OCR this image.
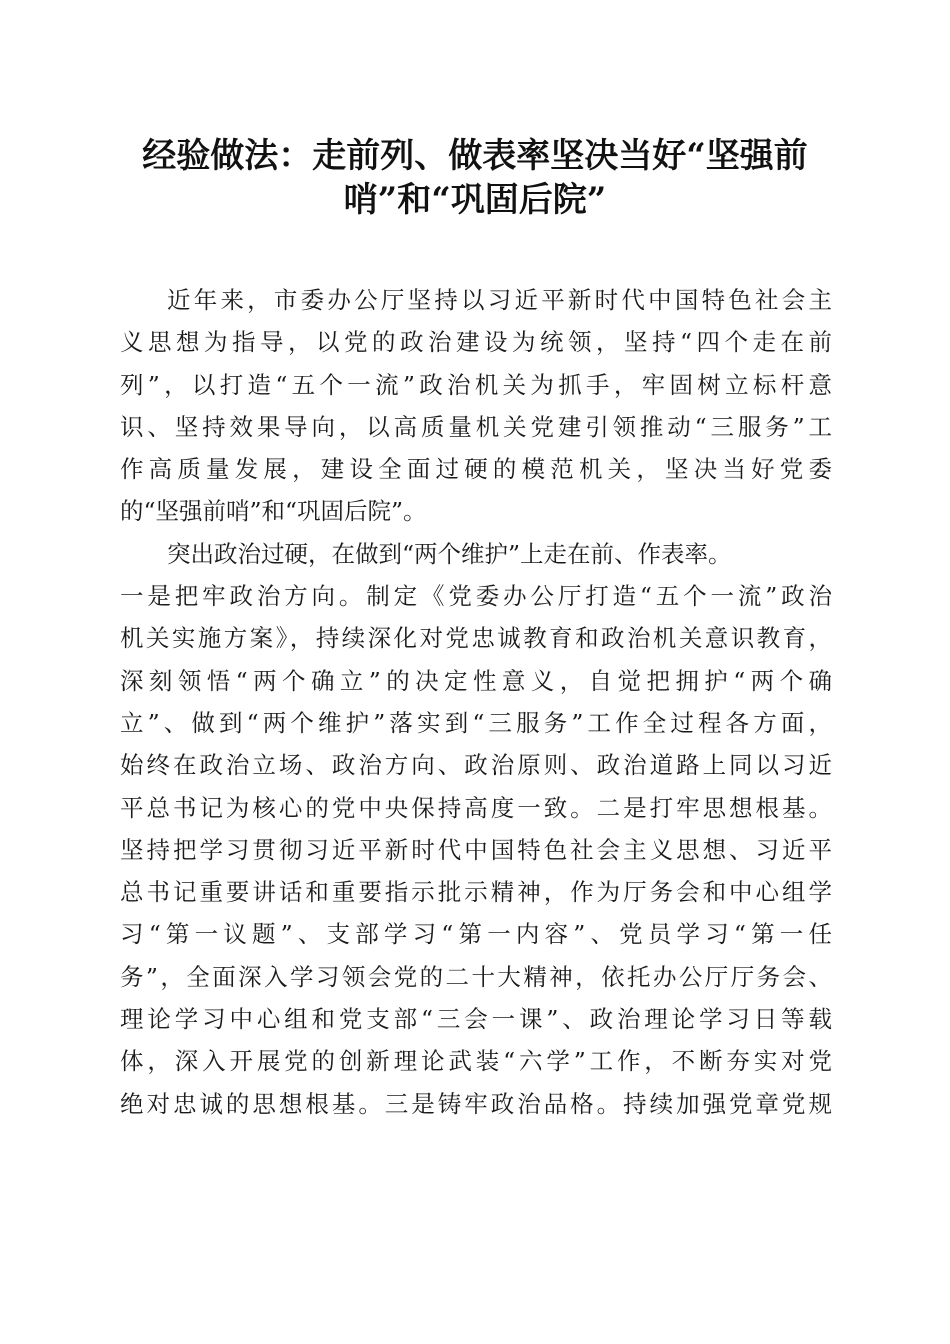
经验做法：走前列、做表率坚决当好“坚强前
哨”和“巩固后院”
近年来，市委办公厅坚持以习近平新时代中国特色社会主
义思想为指导，以党的政治建设为统领，坚持“四个走在前
列”，以打造“五个一流”政治机关为抓手，牢固树立标杆意
识、坚持效果导向，以高质量机关党建引领推动“三服务”工
作高质量发展，建设全面过硬的模范机关，坚决当好党委
的“坚强前哨”和“巩固后院”。
突出政治过硬，在做到“两个维护”上走在前、作表率。
一是把牢政治方向。制定《党委办公厅打造“五个一流”政治
机关实施方案》，持续深化对党忠诚教育和政治机关意识教育，
深刻领悟“两个确立”的决定性意义，自觉把拥护“两个确
立”、做到“两个维护”落实到“三服务”工作全过程各方面，
始终在政治立场、政治方向、政治原则、政治道路上同以习近
平总书记为核心的党中央保持高度一致。二是打牢思想根基。
坚持把学习贯彻习近平新时代中国特色社会主义思想、习近平
总书记重要讲话和重要指示批示精神，作为厅务会和中心组学
习“第一议题”、支部学习“第一内容”、党员学习“第一任
务”，全面深入学习领会党的二十大精神，依托办公厅厅务会、
理论学习中心组和党支部“三会一课”、政治理论学习日等载
体，深入开展党的创新理论武装“六学”工作，不断夯实对党
绝对忠诚的思想根基。三是铸牢政治品格。持续加强党章党规
